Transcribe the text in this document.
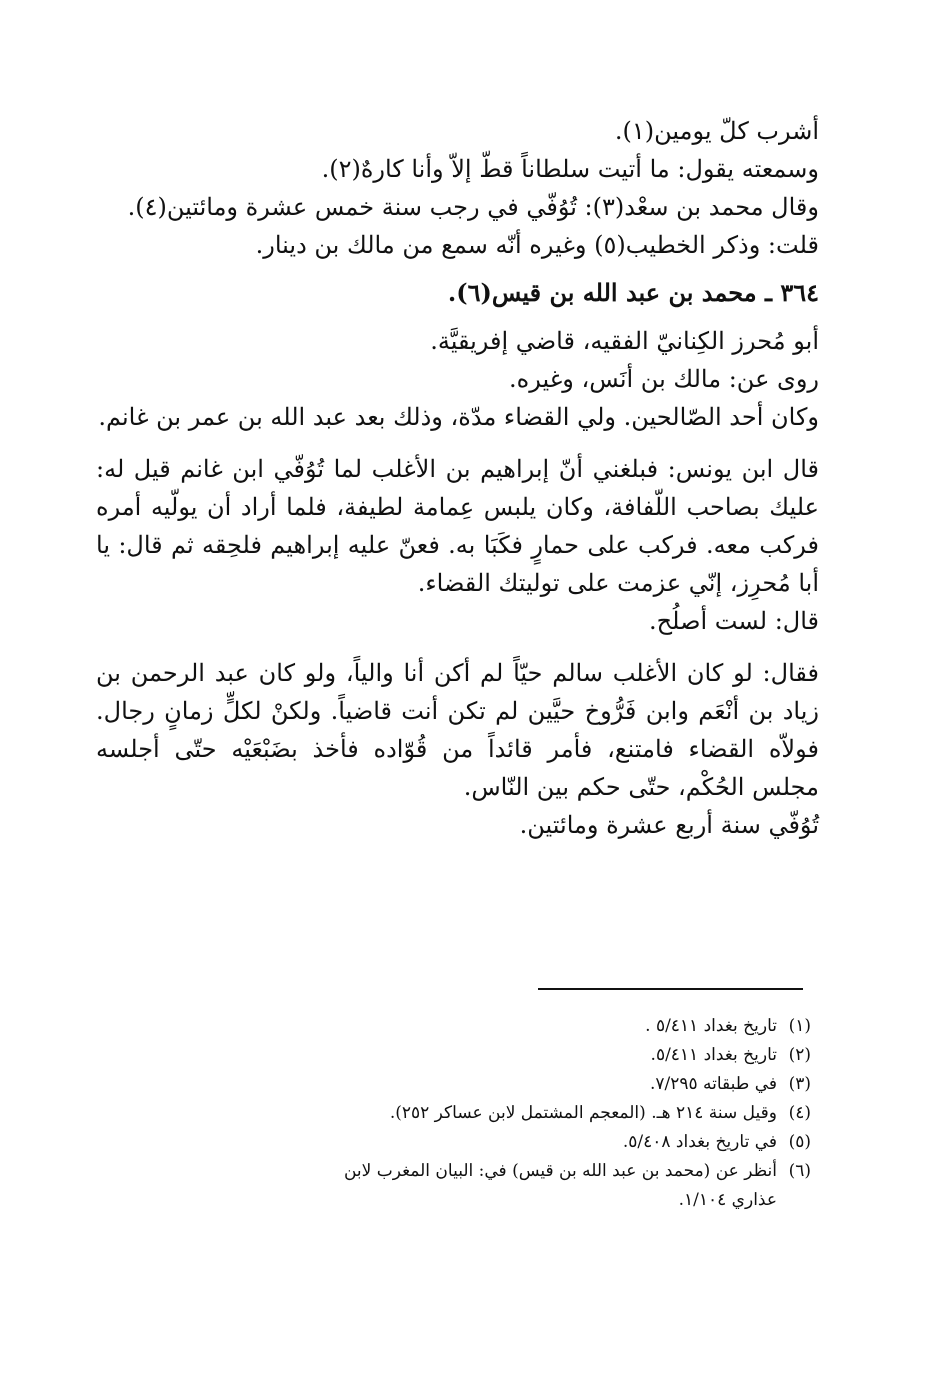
أشرب كلّ يومين(١).

وسمعته يقول: ما أتيت سلطاناً قطّ إلاّ وأنا كارهٌ(٢).

وقال محمد بن سعْد(٣): تُوُفّي في رجب سنة خمس عشرة ومائتين(٤).

قلت: وذكر الخطيب(٥) وغيره أنّه سمع من مالك بن دينار.

٣٦٤ ـ محمد بن عبد الله بن قيس(٦).

أبو مُحرز الكِنانيّ الفقيه، قاضي إفريقيَّة.

روى عن: مالك بن أنَس، وغيره.

وكان أحد الصّالحين. ولي القضاء مدّة، وذلك بعد عبد الله بن عمر بن غانم.

قال ابن يونس: فبلغني أنّ إبراهيم بن الأغلب لما تُوُفّي ابن غانم قيل له: عليك بصاحب اللّفافة، وكان يلبس عِمامة لطيفة، فلما أراد أن يولّيه أمره فركب معه. فركب على حمارٍ فكَبَا به. فعنّ عليه إبراهيم فلحِقه ثم قال: يا أبا مُحرِز، إنّي عزمت على توليتك القضاء.

قال: لست أصلُح.

فقال: لو كان الأغلب سالم حيّاً لم أكن أنا والياً، ولو كان عبد الرحمن بن زياد بن أنْعَم وابن فَرُّوخ حيَّين لم تكن أنت قاضياً. ولكنْ لكلٍّ زمانٍ رجال. فولاّه القضاء فامتنع، فأمر قائداً من قُوّاده فأخذ بضَبْعَيْه حتّى أجلسه مجلس الحُكْم، حتّى حكم بين النّاس.

تُوُفّي سنة أربع عشرة ومائتين.

(١)
تاريخ بغداد ٥/٤١١ .
(٢)
تاريخ بغداد ٥/٤١١.
(٣)
في طبقاته ٧/٢٩٥.
(٤)
وقيل سنة ٢١٤ هـ. (المعجم المشتمل لابن عساكر ٢٥٢).
(٥)
في تاريخ بغداد ٥/٤٠٨.
(٦)
أنظر عن (محمد بن عبد الله بن قيس) في: البيان المغرب لابن عذاري ١/١٠٤.
